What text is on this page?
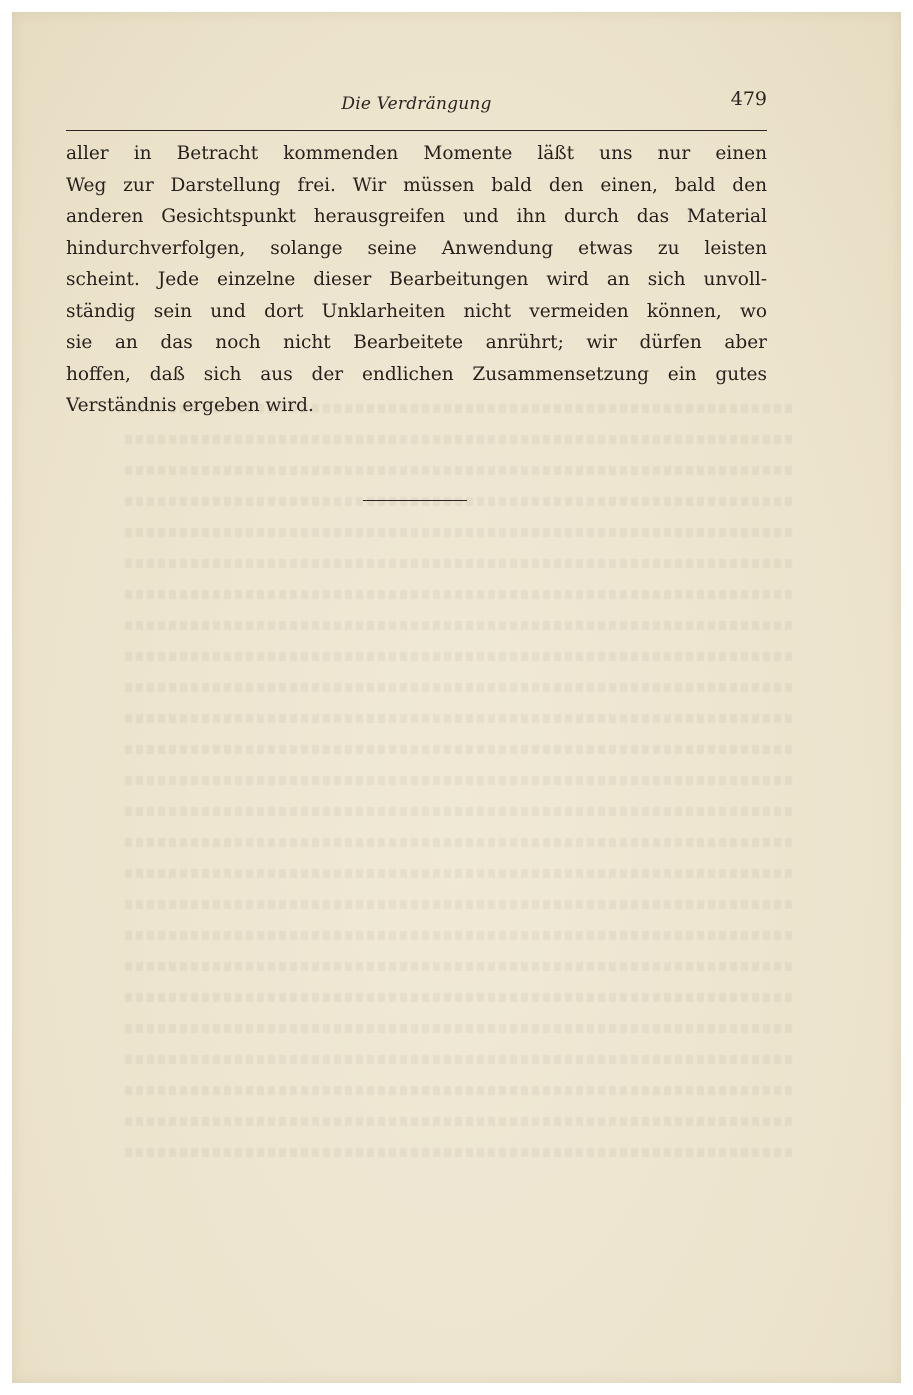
Die Verdrängung	479
aller in Betracht kommenden Momente läßt uns nur einen
Weg zur Darstellung frei. Wir müssen bald den einen, bald den
anderen Gesichtspunkt herausgreifen und ihn durch das Material
hindurchverfolgen, solange seine Anwendung etwas zu leisten
scheint. Jede einzelne dieser Bearbeitungen wird an sich unvoll-
ständig sein und dort Unklarheiten nicht vermeiden können, wo
sie an das noch nicht Bearbeitete anrührt; wir dürfen aber
hoffen, daß sich aus der endlichen Zusammensetzung ein gutes
Verständnis ergeben wird.
